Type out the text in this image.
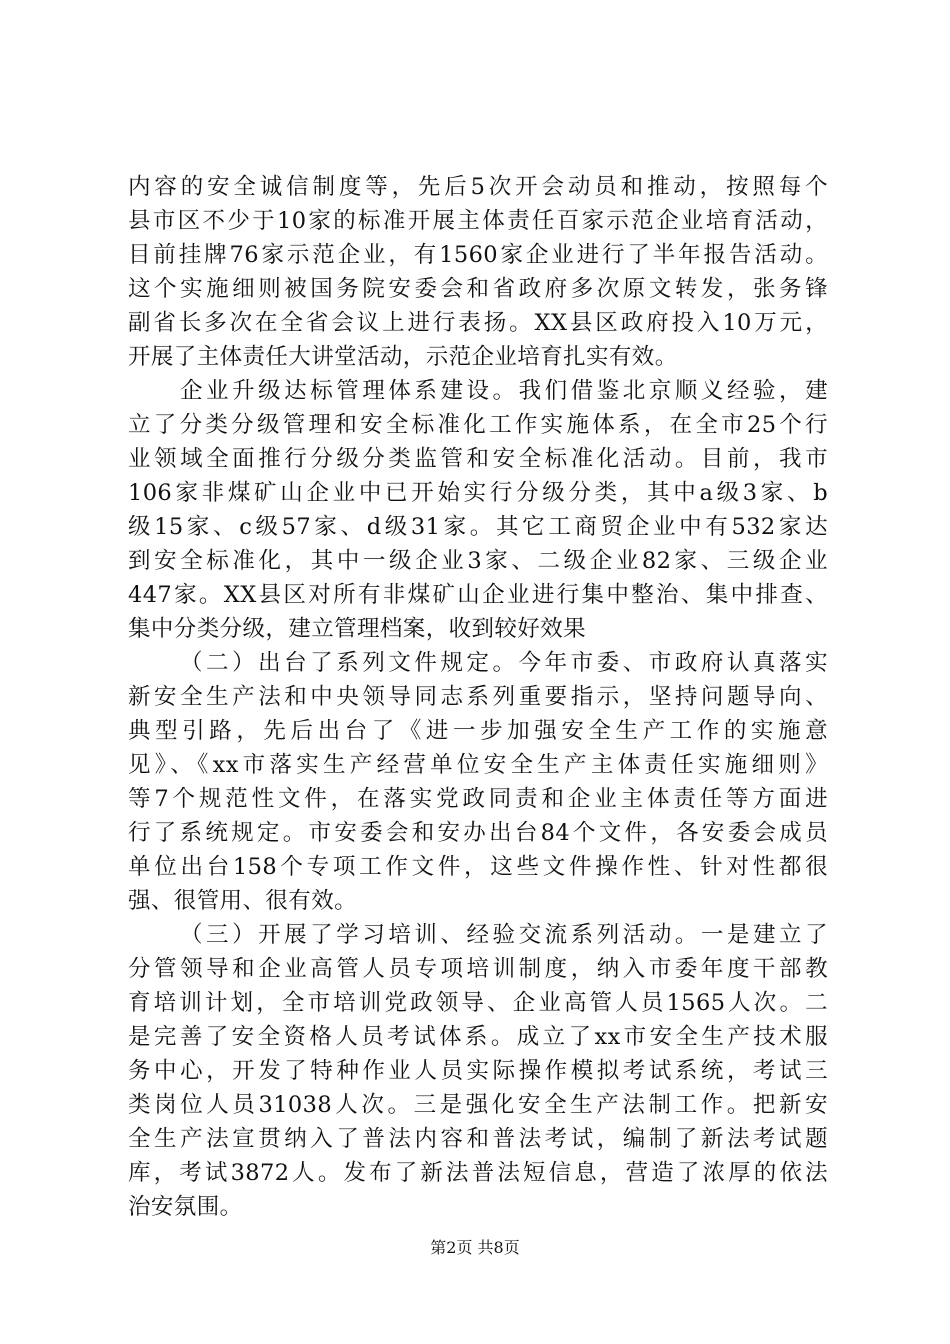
内容的安全诚信制度等，先后5次开会动员和推动，按照每个
县市区不少于10家的标准开展主体责任百家示范企业培育活动，
目前挂牌76家示范企业，有1560家企业进行了半年报告活动。
这个实施细则被国务院安委会和省政府多次原文转发，张务锋
副省长多次在全省会议上进行表扬。XX县区政府投入10万元，
开展了主体责任大讲堂活动，示范企业培育扎实有效。
企业升级达标管理体系建设。我们借鉴北京顺义经验，建
立了分类分级管理和安全标准化工作实施体系，在全市25个行
业领域全面推行分级分类监管和安全标准化活动。目前，我市
106家非煤矿山企业中已开始实行分级分类，其中a级3家、b
级15家、c级57家、d级31家。其它工商贸企业中有532家达
到安全标准化，其中一级企业3家、二级企业82家、三级企业
447家。XX县区对所有非煤矿山企业进行集中整治、集中排查、
集中分类分级，建立管理档案，收到较好效果
（二）出台了系列文件规定。今年市委、市政府认真落实
新安全生产法和中央领导同志系列重要指示，坚持问题导向、
典型引路，先后出台了《进一步加强安全生产工作的实施意
见》、《xx市落实生产经营单位安全生产主体责任实施细则》
等7个规范性文件，在落实党政同责和企业主体责任等方面进
行了系统规定。市安委会和安办出台84个文件，各安委会成员
单位出台158个专项工作文件，这些文件操作性、针对性都很
强、很管用、很有效。
（三）开展了学习培训、经验交流系列活动。一是建立了
分管领导和企业高管人员专项培训制度，纳入市委年度干部教
育培训计划，全市培训党政领导、企业高管人员1565人次。二
是完善了安全资格人员考试体系。成立了xx市安全生产技术服
务中心，开发了特种作业人员实际操作模拟考试系统，考试三
类岗位人员31038人次。三是强化安全生产法制工作。把新安
全生产法宣贯纳入了普法内容和普法考试，编制了新法考试题
库，考试3872人。发布了新法普法短信息，营造了浓厚的依法
治安氛围。
第2页 共8页
